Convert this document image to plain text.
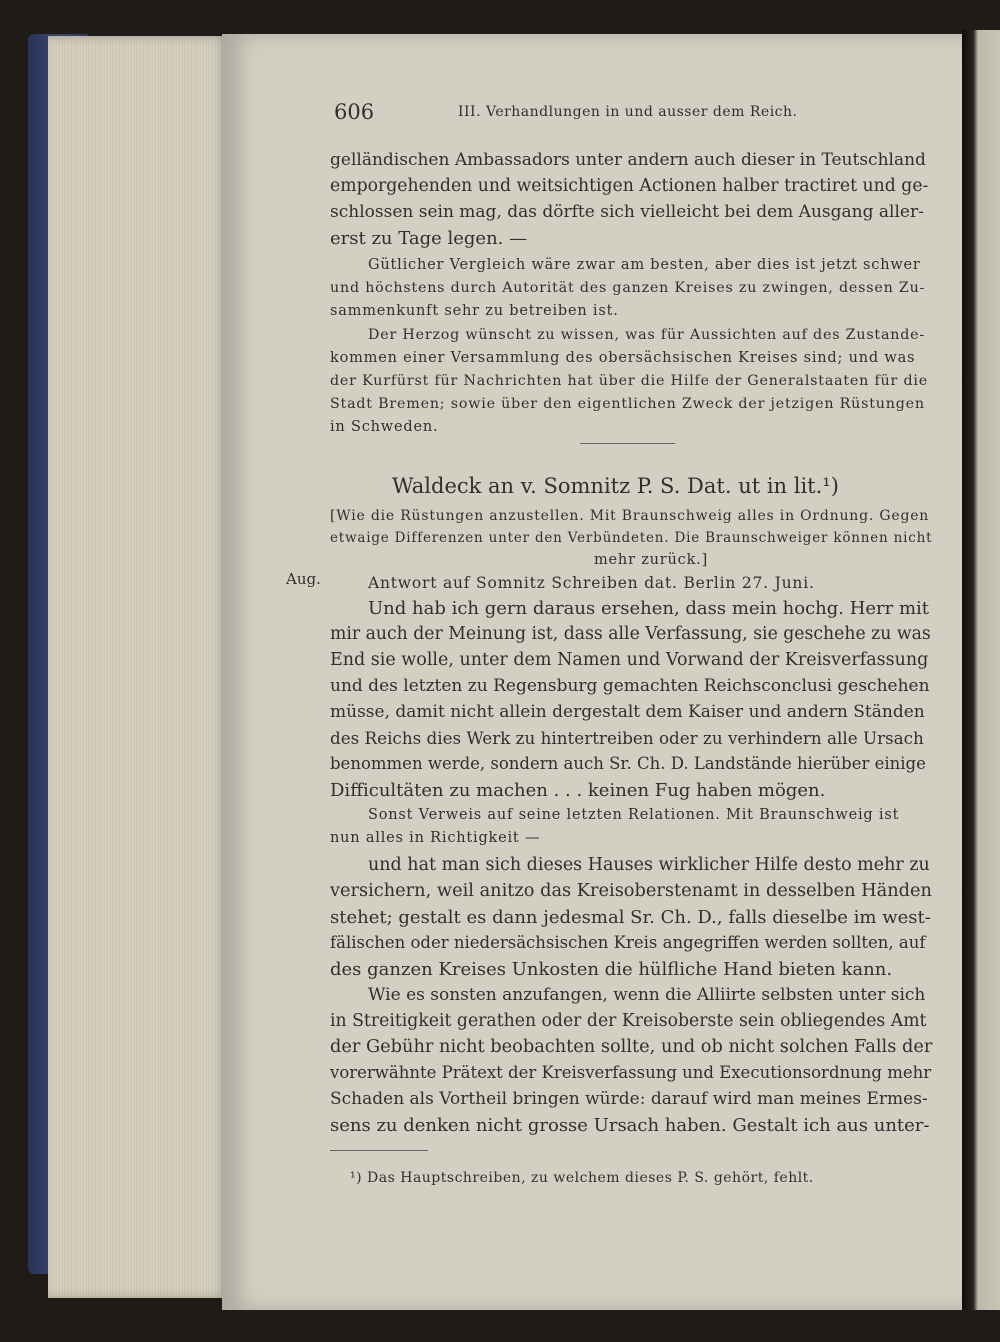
606	III. Verhandlungen in und ausser dem Reich.
gelländischen Ambassadors unter andern auch dieser in Teutschland
emporgehenden und weitsichtigen Actionen halber tractiret und ge-
schlossen sein mag, das dörfte sich vielleicht bei dem Ausgang aller-
erst zu Tage legen. —
Gütlicher Vergleich wäre zwar am besten, aber dies ist jetzt schwer
und höchstens durch Autorität des ganzen Kreises zu zwingen, dessen Zu-
sammenkunft sehr zu betreiben ist.
Der Herzog wünscht zu wissen, was für Aussichten auf des Zustande-
kommen einer Versammlung des obersächsischen Kreises sind; und was
der Kurfürst für Nachrichten hat über die Hilfe der Generalstaaten für die
Stadt Bremen; sowie über den eigentlichen Zweck der jetzigen Rüstungen
in Schweden.
Waldeck an v. Somnitz P. S. Dat. ut in lit.¹)
[Wie die Rüstungen anzustellen. Mit Braunschweig alles in Ordnung. Gegen
etwaige Differenzen unter den Verbündeten. Die Braunschweiger können nicht
mehr zurück.]
Aug.	Antwort auf Somnitz Schreiben dat. Berlin 27. Juni.
Und hab ich gern daraus ersehen, dass mein hochg. Herr mit
mir auch der Meinung ist, dass alle Verfassung, sie geschehe zu was
End sie wolle, unter dem Namen und Vorwand der Kreisverfassung
und des letzten zu Regensburg gemachten Reichsconclusi geschehen
müsse, damit nicht allein dergestalt dem Kaiser und andern Ständen
des Reichs dies Werk zu hintertreiben oder zu verhindern alle Ursach
benommen werde, sondern auch Sr. Ch. D. Landstände hierüber einige
Difficultäten zu machen . . . keinen Fug haben mögen.
Sonst Verweis auf seine letzten Relationen. Mit Braunschweig ist
nun alles in Richtigkeit —
und hat man sich dieses Hauses wirklicher Hilfe desto mehr zu
versichern, weil anitzo das Kreisoberstenamt in desselben Händen
stehet; gestalt es dann jedesmal Sr. Ch. D., falls dieselbe im west-
fälischen oder niedersächsischen Kreis angegriffen werden sollten, auf
des ganzen Kreises Unkosten die hülfliche Hand bieten kann.
Wie es sonsten anzufangen, wenn die Alliirte selbsten unter sich
in Streitigkeit gerathen oder der Kreisoberste sein obliegendes Amt
der Gebühr nicht beobachten sollte, und ob nicht solchen Falls der
vorerwähnte Prätext der Kreisverfassung und Executionsordnung mehr
Schaden als Vortheil bringen würde: darauf wird man meines Ermes-
sens zu denken nicht grosse Ursach haben. Gestalt ich aus unter-
¹) Das Hauptschreiben, zu welchem dieses P. S. gehört, fehlt.
